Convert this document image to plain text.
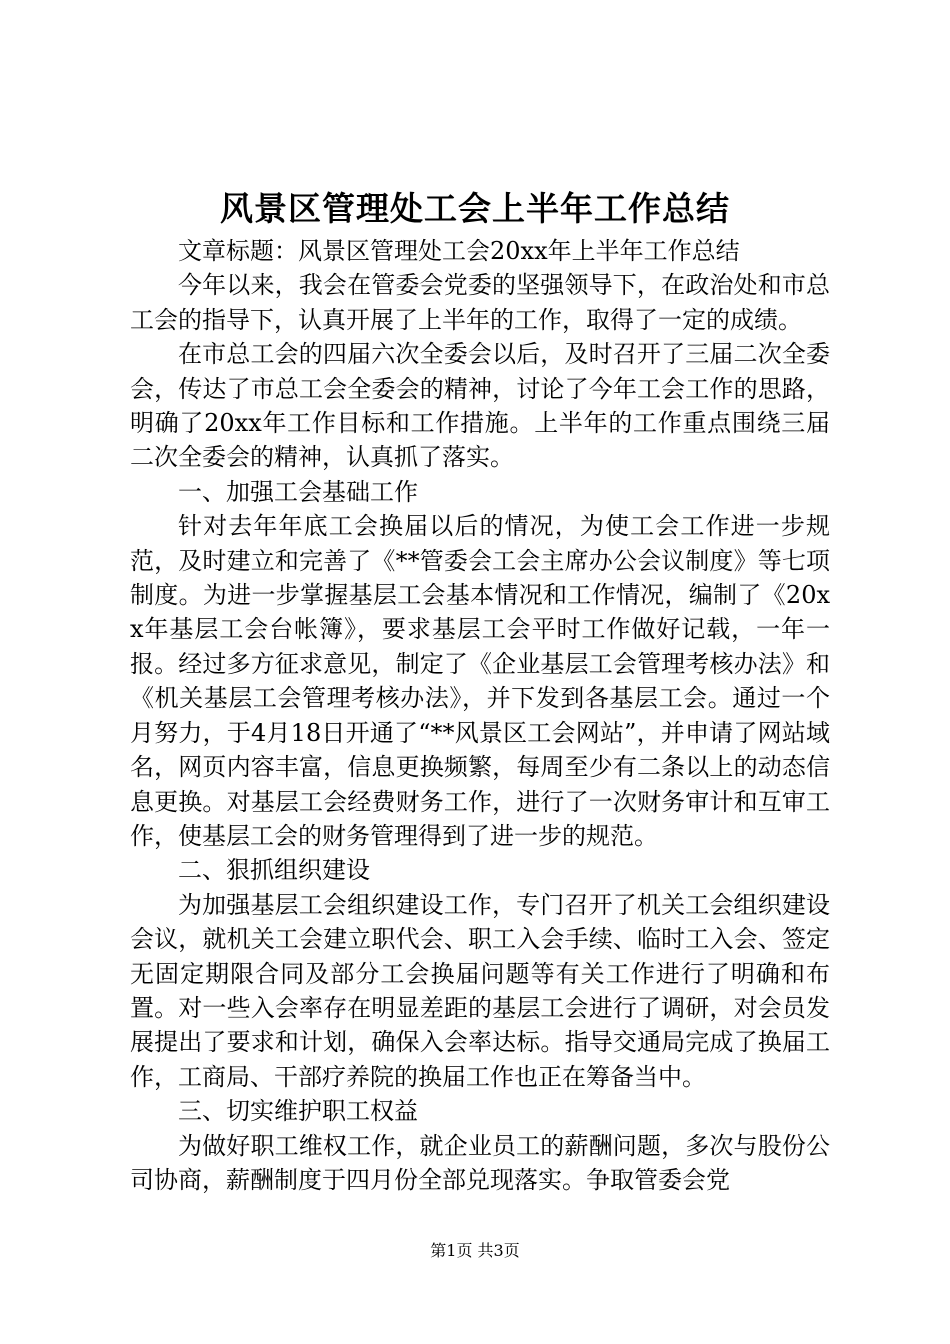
风景区管理处工会上半年工作总结

文章标题：风景区管理处工会20xx年上半年工作总结

今年以来，我会在管委会党委的坚强领导下，在政治处和市总工会的指导下，认真开展了上半年的工作，取得了一定的成绩。

在市总工会的四届六次全委会以后，及时召开了三届二次全委会，传达了市总工会全委会的精神，讨论了今年工会工作的思路，明确了20xx年工作目标和工作措施。上半年的工作重点围绕三届二次全委会的精神，认真抓了落实。

一、加强工会基础工作

针对去年年底工会换届以后的情况，为使工会工作进一步规范，及时建立和完善了《**管委会工会主席办公会议制度》等七项制度。为进一步掌握基层工会基本情况和工作情况，编制了《20xx年基层工会台帐簿》，要求基层工会平时工作做好记载，一年一报。经过多方征求意见，制定了《企业基层工会管理考核办法》和《机关基层工会管理考核办法》，并下发到各基层工会。通过一个月努力，于4月18日开通了“**风景区工会网站”，并申请了网站域名，网页内容丰富，信息更换频繁，每周至少有二条以上的动态信息更换。对基层工会经费财务工作，进行了一次财务审计和互审工作，使基层工会的财务管理得到了进一步的规范。

二、狠抓组织建设

为加强基层工会组织建设工作，专门召开了机关工会组织建设会议，就机关工会建立职代会、职工入会手续、临时工入会、签定无固定期限合同及部分工会换届问题等有关工作进行了明确和布置。对一些入会率存在明显差距的基层工会进行了调研，对会员发展提出了要求和计划，确保入会率达标。指导交通局完成了换届工作，工商局、干部疗养院的换届工作也正在筹备当中。

三、切实维护职工权益

为做好职工维权工作，就企业员工的薪酬问题，多次与股份公司协商，薪酬制度于四月份全部兑现落实。争取管委会党

第1页 共3页
